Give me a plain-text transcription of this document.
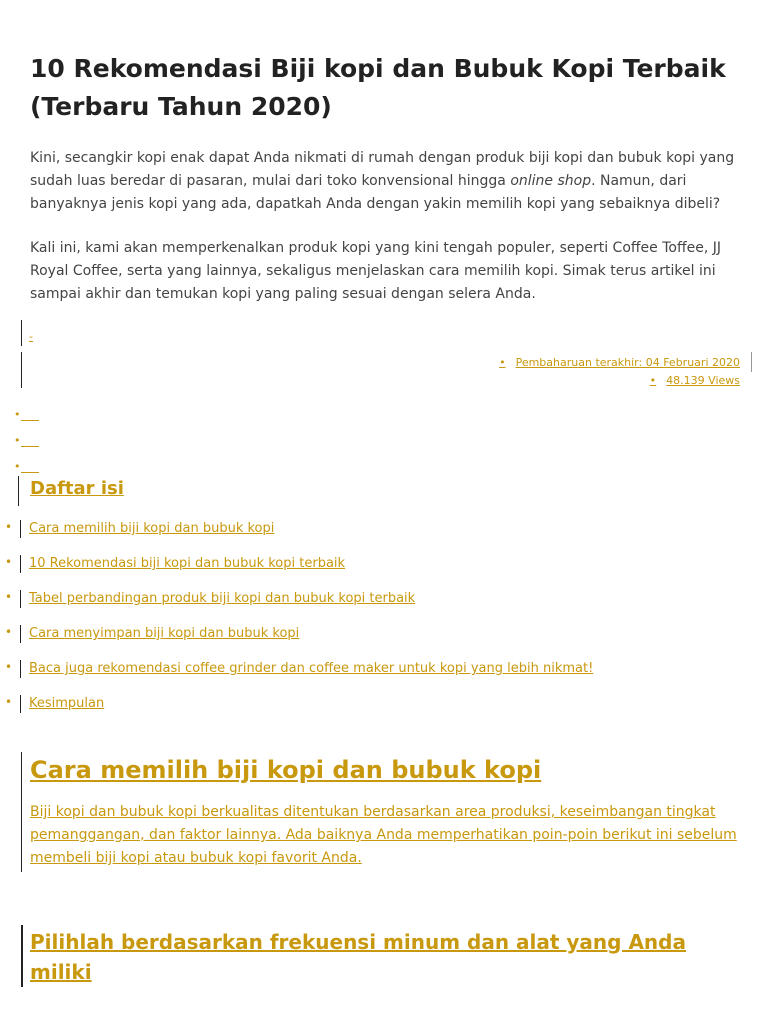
10 Rekomendasi Biji kopi dan Bubuk Kopi Terbaik (Terbaru Tahun 2020)

Kini, secangkir kopi enak dapat Anda nikmati di rumah dengan produk biji kopi dan bubuk kopi yang sudah luas beredar di pasaran, mulai dari toko konvensional hingga online shop. Namun, dari banyaknya jenis kopi yang ada, dapatkah Anda dengan yakin memilih kopi yang sebaiknya dibeli?

Kali ini, kami akan memperkenalkan produk kopi yang kini tengah populer, seperti Coffee Toffee, JJ Royal Coffee, serta yang lainnya, sekaligus menjelaskan cara memilih kopi. Simak terus artikel ini sampai akhir dan temukan kopi yang paling sesuai dengan selera Anda.

-
• Pembaharuan terakhir: 04 Februari 2020
• 48.139 Views
•
•
•
Daftar isi
• Cara memilih biji kopi dan bubuk kopi
• 10 Rekomendasi biji kopi dan bubuk kopi terbaik
• Tabel perbandingan produk biji kopi dan bubuk kopi terbaik
• Cara menyimpan biji kopi dan bubuk kopi
• Baca juga rekomendasi coffee grinder dan coffee maker untuk kopi yang lebih nikmat!
• Kesimpulan
Cara memilih biji kopi dan bubuk kopi

Biji kopi dan bubuk kopi berkualitas ditentukan berdasarkan area produksi, keseimbangan tingkat pemanggangan, dan faktor lainnya. Ada baiknya Anda memperhatikan poin-poin berikut ini sebelum membeli biji kopi atau bubuk kopi favorit Anda.

Pilihlah berdasarkan frekuensi minum dan alat yang Anda miliki
